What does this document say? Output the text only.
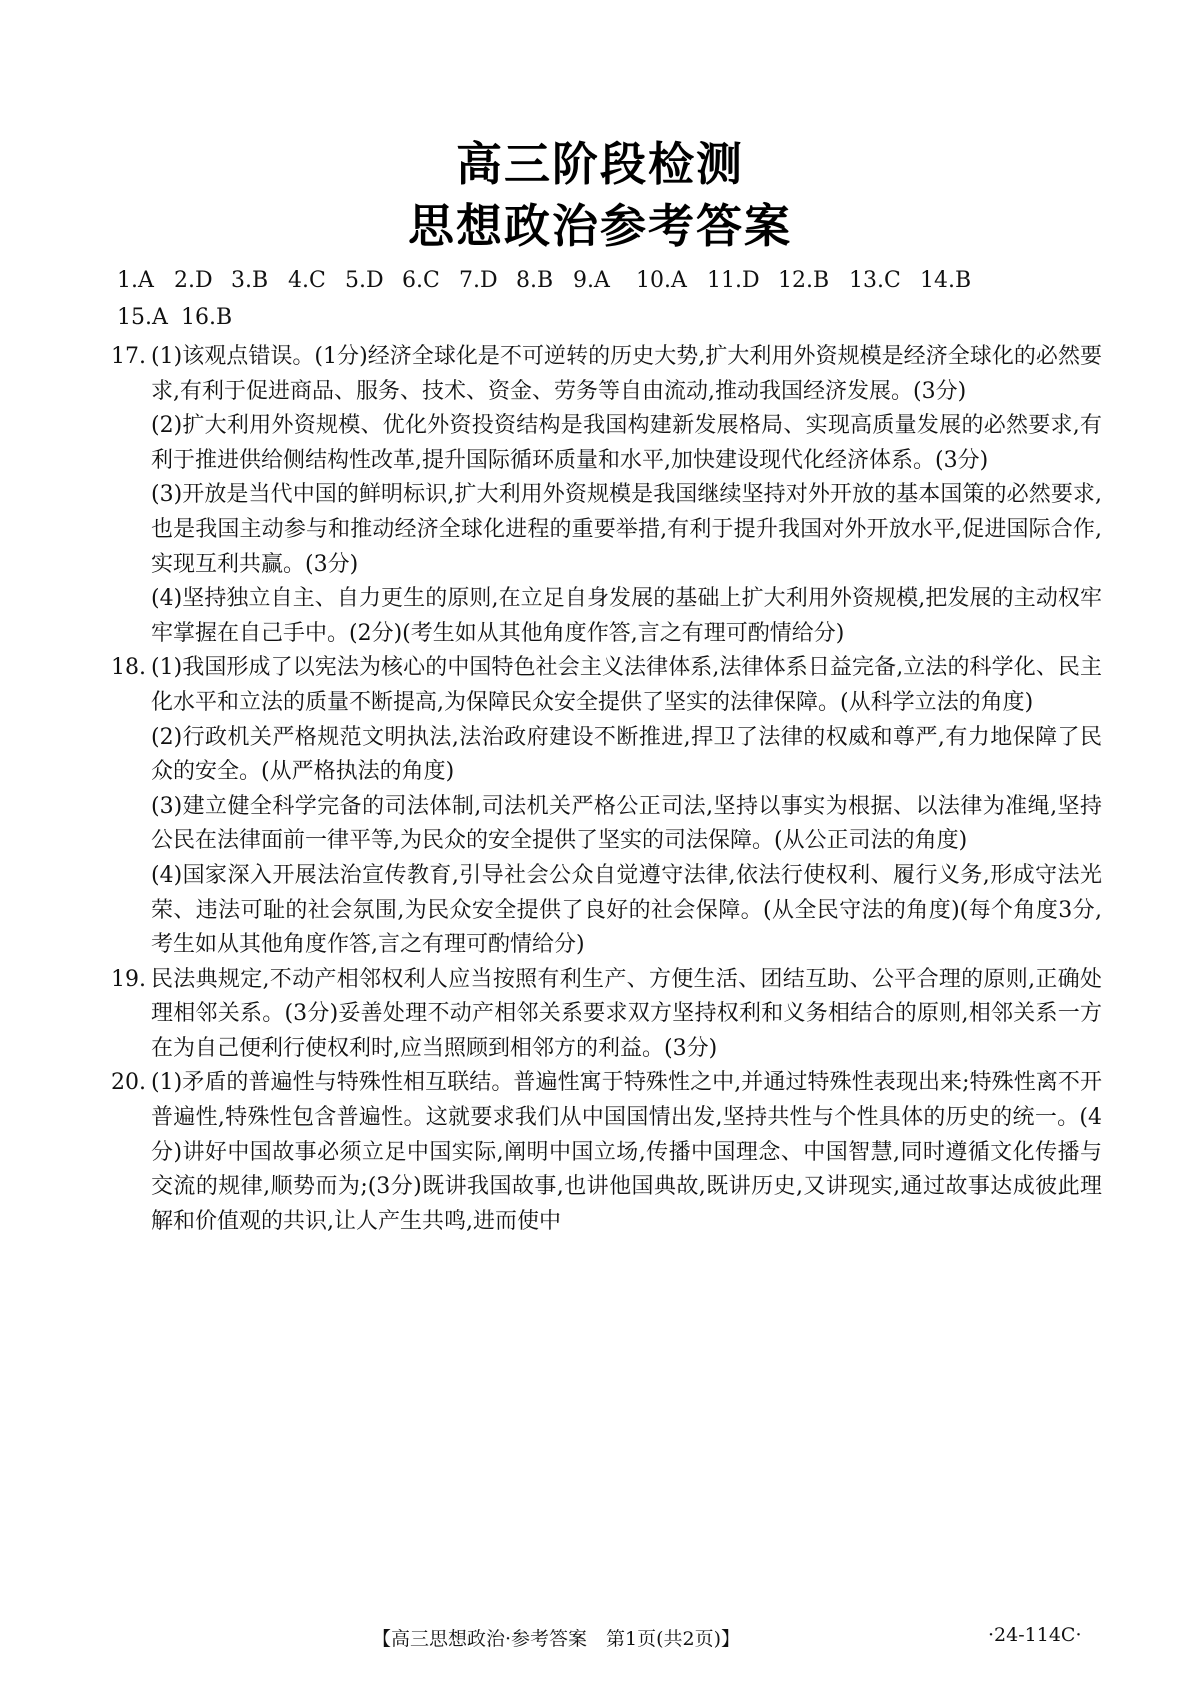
高三阶段检测
思想政治参考答案
1.A 2.D 3.B 4.C 5.D 6.C 7.D 8.B 9.A 10.A 11.D 12.B 13.C 14.B
15.A 16.B
17. (1)该观点错误。(1分)经济全球化是不可逆转的历史大势,扩大利用外资规模是经济全球化的必然要求,有利于促进商品、服务、技术、资金、劳务等自由流动,推动我国经济发展。(3分)

(2)扩大利用外资规模、优化外资投资结构是我国构建新发展格局、实现高质量发展的必然要求,有利于推进供给侧结构性改革,提升国际循环质量和水平,加快建设现代化经济体系。(3分)

(3)开放是当代中国的鲜明标识,扩大利用外资规模是我国继续坚持对外开放的基本国策的必然要求,也是我国主动参与和推动经济全球化进程的重要举措,有利于提升我国对外开放水平,促进国际合作,实现互利共赢。(3分)

(4)坚持独立自主、自力更生的原则,在立足自身发展的基础上扩大利用外资规模,把发展的主动权牢牢掌握在自己手中。(2分)(考生如从其他角度作答,言之有理可酌情给分)

18. (1)我国形成了以宪法为核心的中国特色社会主义法律体系,法律体系日益完备,立法的科学化、民主化水平和立法的质量不断提高,为保障民众安全提供了坚实的法律保障。(从科学立法的角度)

(2)行政机关严格规范文明执法,法治政府建设不断推进,捍卫了法律的权威和尊严,有力地保障了民众的安全。(从严格执法的角度)

(3)建立健全科学完备的司法体制,司法机关严格公正司法,坚持以事实为根据、以法律为准绳,坚持公民在法律面前一律平等,为民众的安全提供了坚实的司法保障。(从公正司法的角度)

(4)国家深入开展法治宣传教育,引导社会公众自觉遵守法律,依法行使权利、履行义务,形成守法光荣、违法可耻的社会氛围,为民众安全提供了良好的社会保障。(从全民守法的角度)(每个角度3分,考生如从其他角度作答,言之有理可酌情给分)

19. 民法典规定,不动产相邻权利人应当按照有利生产、方便生活、团结互助、公平合理的原则,正确处理相邻关系。(3分)妥善处理不动产相邻关系要求双方坚持权利和义务相结合的原则,相邻关系一方在为自己便利行使权利时,应当照顾到相邻方的利益。(3分)

20. (1)矛盾的普遍性与特殊性相互联结。普遍性寓于特殊性之中,并通过特殊性表现出来;特殊性离不开普遍性,特殊性包含普遍性。这就要求我们从中国国情出发,坚持共性与个性具体的历史的统一。(4分)讲好中国故事必须立足中国实际,阐明中国立场,传播中国理念、中国智慧,同时遵循文化传播与交流的规律,顺势而为;(3分)既讲我国故事,也讲他国典故,既讲历史,又讲现实,通过故事达成彼此理解和价值观的共识,让人产生共鸣,进而使中

【高三思想政治·参考答案　第1页(共2页)】	·24-114C·
